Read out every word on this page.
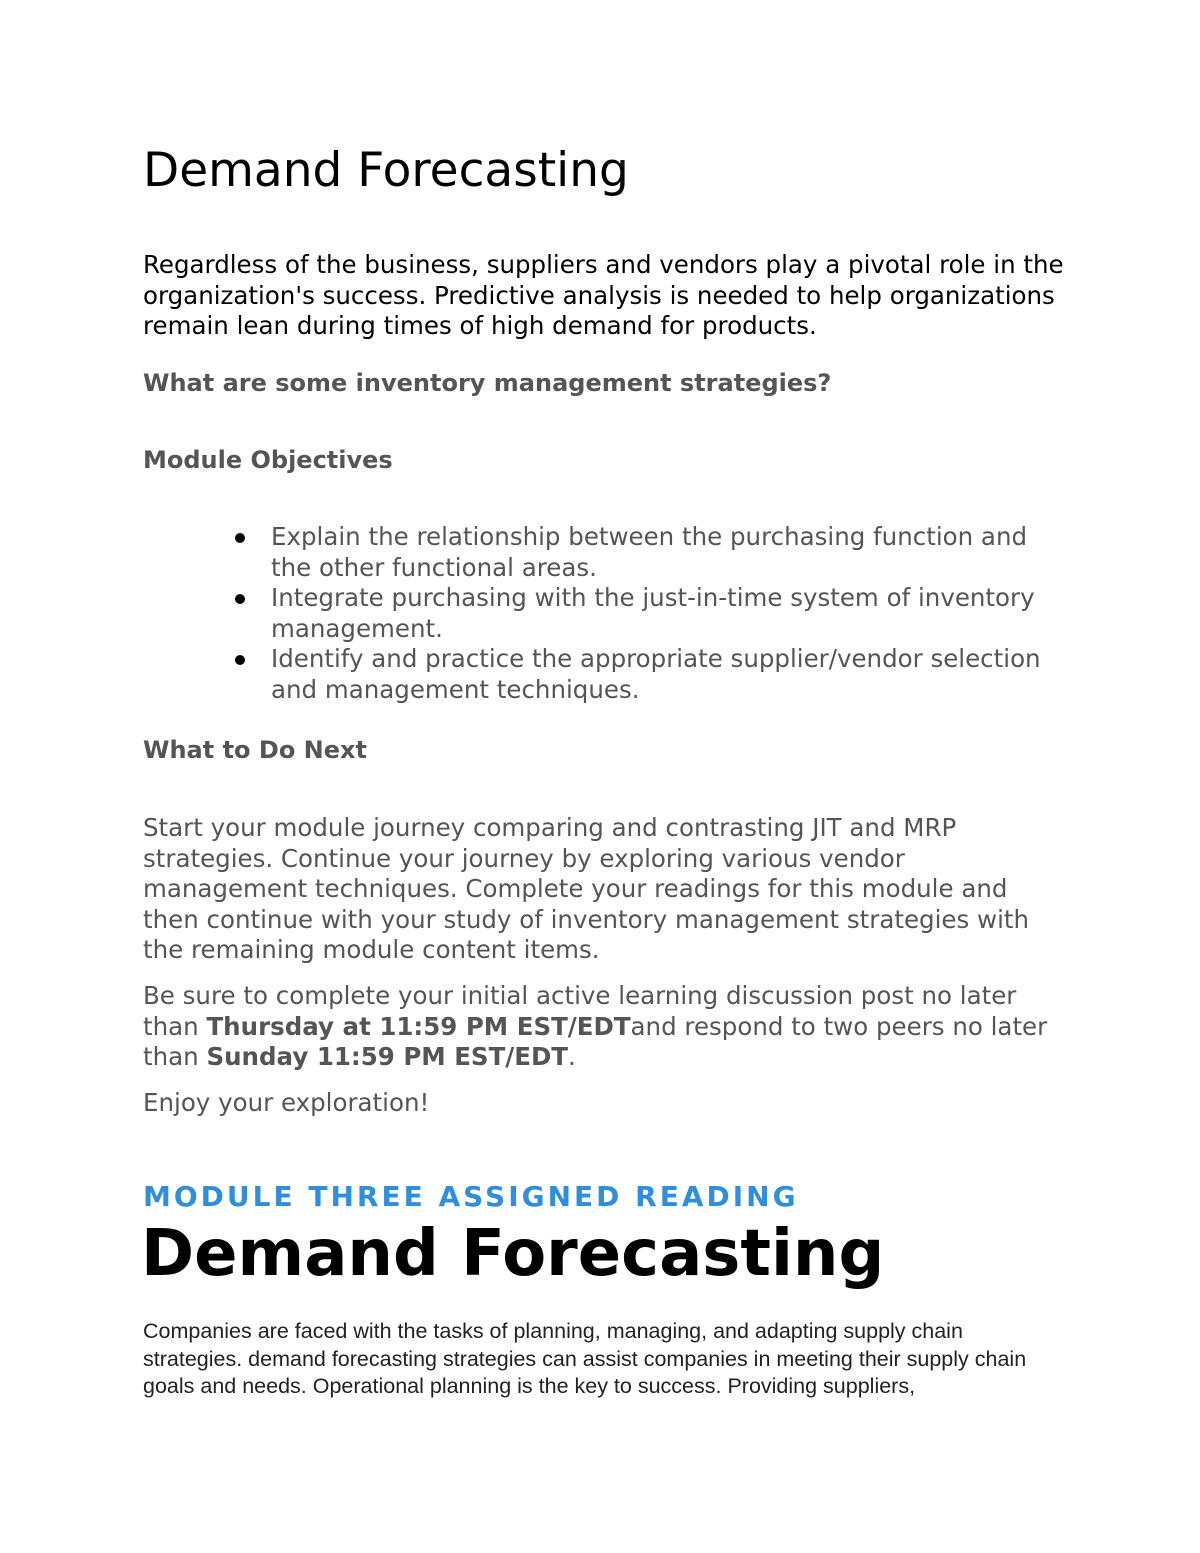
Demand Forecasting

Regardless of the business, suppliers and vendors play a pivotal role in the organization's success. Predictive analysis is needed to help organizations remain lean during times of high demand for products.

What are some inventory management strategies?
Module Objectives
Explain the relationship between the purchasing function and the other functional areas.
Integrate purchasing with the just-in-time system of inventory management.
Identify and practice the appropriate supplier/vendor selection and management techniques.
What to Do Next

Start your module journey comparing and contrasting JIT and MRP strategies. Continue your journey by exploring various vendor management techniques. Complete your readings for this module and then continue with your study of inventory management strategies with the remaining module content items.

Be sure to complete your initial active learning discussion post no later than Thursday at 11:59 PM EST/EDTand respond to two peers no later than Sunday 11:59 PM EST/EDT.

Enjoy your exploration!

MODULE THREE ASSIGNED READING
Demand Forecasting

Companies are faced with the tasks of planning, managing, and adapting supply chain strategies. demand forecasting strategies can assist companies in meeting their supply chain goals and needs. Operational planning is the key to success. Providing suppliers,
